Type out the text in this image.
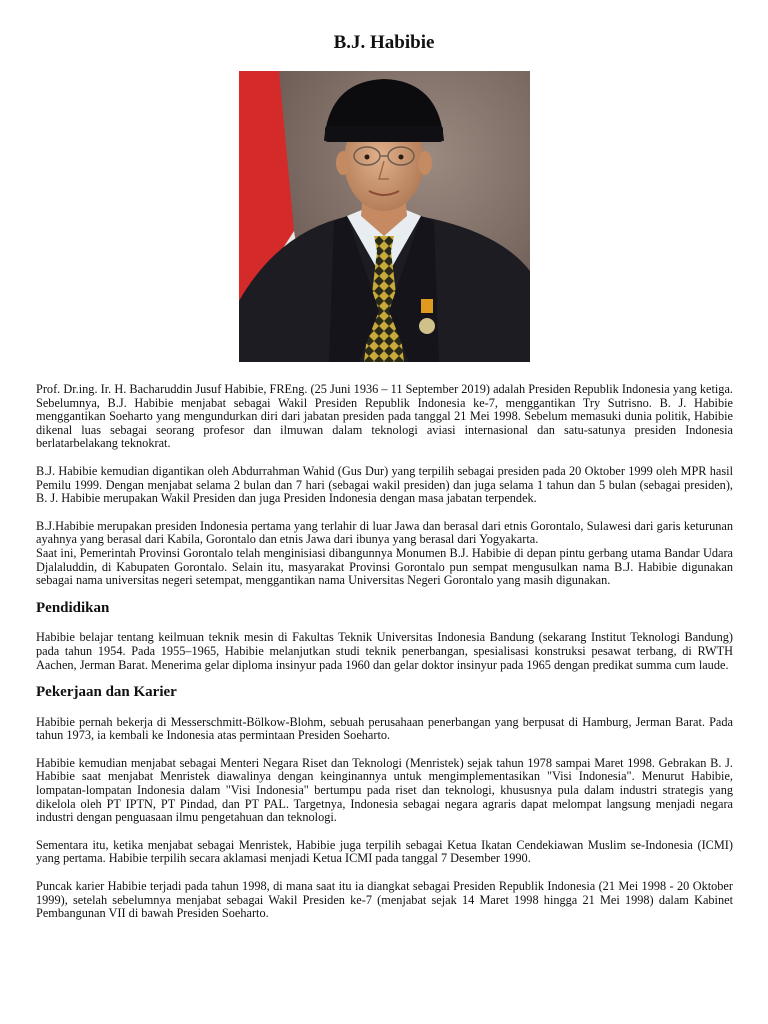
B.J. Habibie

Prof. Dr.ing. Ir. H. Bacharuddin Jusuf Habibie, FREng. (25 Juni 1936 – 11 September 2019) adalah Presiden Republik Indonesia yang ketiga. Sebelumnya, B.J. Habibie menjabat sebagai Wakil Presiden Republik Indonesia ke-7, menggantikan Try Sutrisno. B. J. Habibie menggantikan Soeharto yang mengundurkan diri dari jabatan presiden pada tanggal 21 Mei 1998. Sebelum memasuki dunia politik, Habibie dikenal luas sebagai seorang profesor dan ilmuwan dalam teknologi aviasi internasional dan satu-satunya presiden Indonesia berlatarbelakang teknokrat.

B.J. Habibie kemudian digantikan oleh Abdurrahman Wahid (Gus Dur) yang terpilih sebagai presiden pada 20 Oktober 1999 oleh MPR hasil Pemilu 1999. Dengan menjabat selama 2 bulan dan 7 hari (sebagai wakil presiden) dan juga selama 1 tahun dan 5 bulan (sebagai presiden), B. J. Habibie merupakan Wakil Presiden dan juga Presiden Indonesia dengan masa jabatan terpendek.

B.J.Habibie merupakan presiden Indonesia pertama yang terlahir di luar Jawa dan berasal dari etnis Gorontalo, Sulawesi dari garis keturunan ayahnya yang berasal dari Kabila, Gorontalo dan etnis Jawa dari ibunya yang berasal dari Yogyakarta.

Saat ini, Pemerintah Provinsi Gorontalo telah menginisiasi dibangunnya Monumen B.J. Habibie di depan pintu gerbang utama Bandar Udara Djalaluddin, di Kabupaten Gorontalo. Selain itu, masyarakat Provinsi Gorontalo pun sempat mengusulkan nama B.J. Habibie digunakan sebagai nama universitas negeri setempat, menggantikan nama Universitas Negeri Gorontalo yang masih digunakan.

Pendidikan

Habibie belajar tentang keilmuan teknik mesin di Fakultas Teknik Universitas Indonesia Bandung (sekarang Institut Teknologi Bandung) pada tahun 1954. Pada 1955–1965, Habibie melanjutkan studi teknik penerbangan, spesialisasi konstruksi pesawat terbang, di RWTH Aachen, Jerman Barat. Menerima gelar diploma insinyur pada 1960 dan gelar doktor insinyur pada 1965 dengan predikat summa cum laude.

Pekerjaan dan Karier

Habibie pernah bekerja di Messerschmitt-Bölkow-Blohm, sebuah perusahaan penerbangan yang berpusat di Hamburg, Jerman Barat. Pada tahun 1973, ia kembali ke Indonesia atas permintaan Presiden Soeharto.

Habibie kemudian menjabat sebagai Menteri Negara Riset dan Teknologi (Menristek) sejak tahun 1978 sampai Maret 1998. Gebrakan B. J. Habibie saat menjabat Menristek diawalinya dengan keinginannya untuk mengimplementasikan "Visi Indonesia". Menurut Habibie, lompatan-lompatan Indonesia dalam "Visi Indonesia" bertumpu pada riset dan teknologi, khususnya pula dalam industri strategis yang dikelola oleh PT IPTN, PT Pindad, dan PT PAL. Targetnya, Indonesia sebagai negara agraris dapat melompat langsung menjadi negara industri dengan penguasaan ilmu pengetahuan dan teknologi.

Sementara itu, ketika menjabat sebagai Menristek, Habibie juga terpilih sebagai Ketua Ikatan Cendekiawan Muslim se-Indonesia (ICMI) yang pertama. Habibie terpilih secara aklamasi menjadi Ketua ICMI pada tanggal 7 Desember 1990.

Puncak karier Habibie terjadi pada tahun 1998, di mana saat itu ia diangkat sebagai Presiden Republik Indonesia (21 Mei 1998 - 20 Oktober 1999), setelah sebelumnya menjabat sebagai Wakil Presiden ke-7 (menjabat sejak 14 Maret 1998 hingga 21 Mei 1998) dalam Kabinet Pembangunan VII di bawah Presiden Soeharto.
